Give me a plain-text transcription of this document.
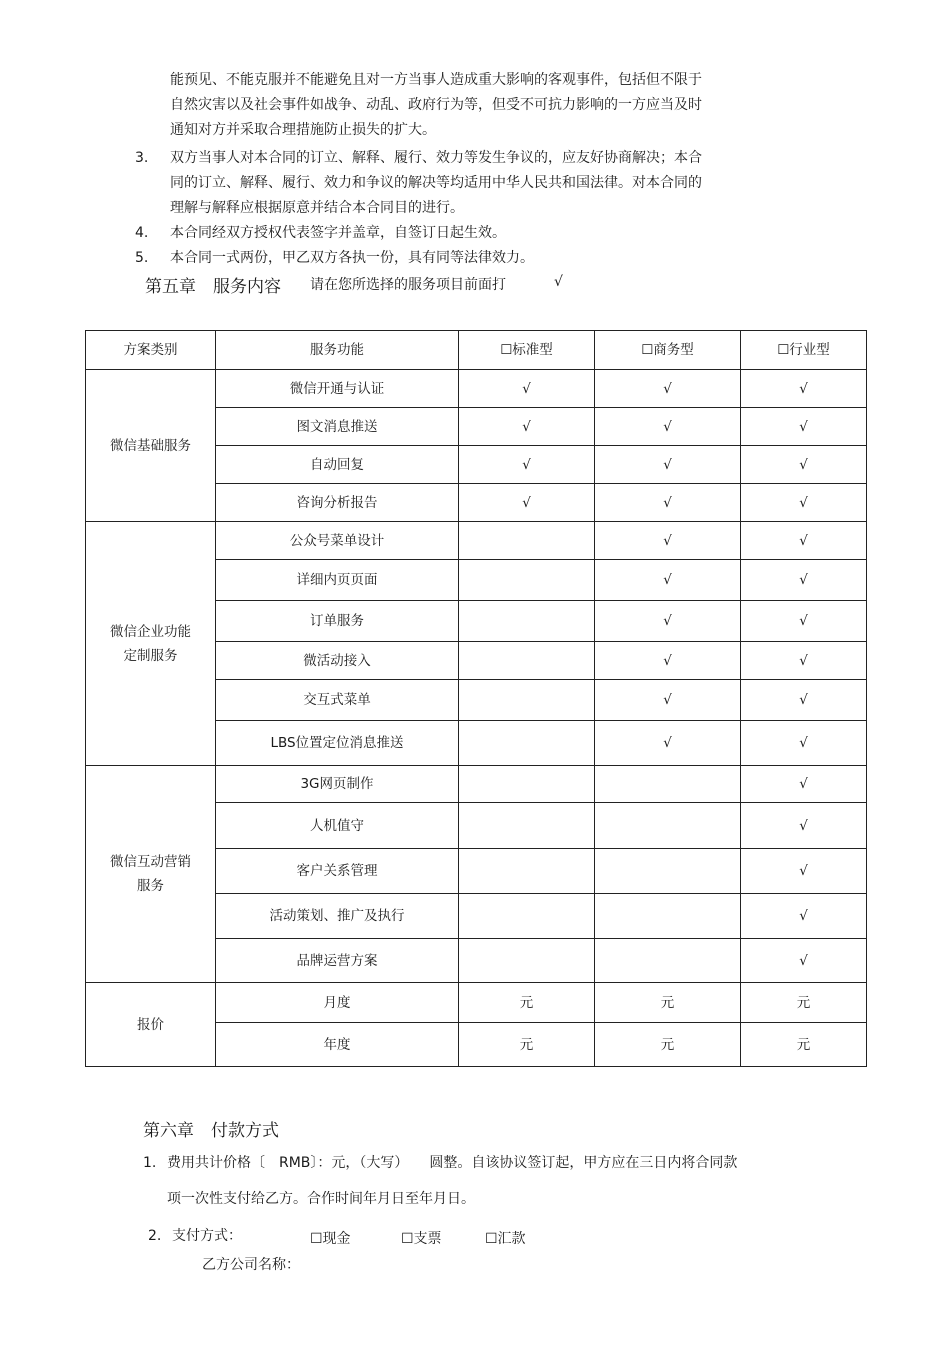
能预见、不能克服并不能避免且对一方当事人造成重大影响的客观事件，包括但不限于
自然灾害以及社会事件如战争、动乱、政府行为等，但受不可抗力影响的一方应当及时
通知对方并采取合理措施防止损失的扩大。
3. 双方当事人对本合同的订立、解释、履行、效力等发生争议的，应友好协商解决；本合
同的订立、解释、履行、效力和争议的解决等均适用中华人民共和国法律。对本合同的
理解与解释应根据原意并结合本合同目的进行。
4. 本合同经双方授权代表签字并盖章，自签订日起生效。
5. 本合同一式两份，甲乙双方各执一份，具有同等法律效力。
第五章　服务内容 请在您所选择的服务项目前面打	√
方案类别	服务功能	☐标准型	☐商务型	☐行业型

微信基础服务	微信开通与认证	√	√	√
	图文消息推送	√	√	√
	自动回复	√	√	√
	咨询分析报告	√	√	√

微信企业功能
定制服务	公众号菜单设计		√	√
	详细内页页面		√	√
	订单服务		√	√
	微活动接入		√	√
	交互式菜单		√	√
	LBS位置定位消息推送		√	√

微信互动营销
服务	3G网页制作			√
	人机值守			√
	客户关系管理			√
	活动策划、推广及执行			√
	品牌运营方案			√

报价	月度	元	元	元
	年度	元	元	元
第六章　付款方式
1. 费用共计价格〔　RMB〕：元，（大写）　　圆整。自该协议签订起，甲方应在三日内将合同款
项一次性支付给乙方。合作时间年月日至年月日。
2. 支付方式：	☐现金	☐支票	☐汇款
乙方公司名称：
